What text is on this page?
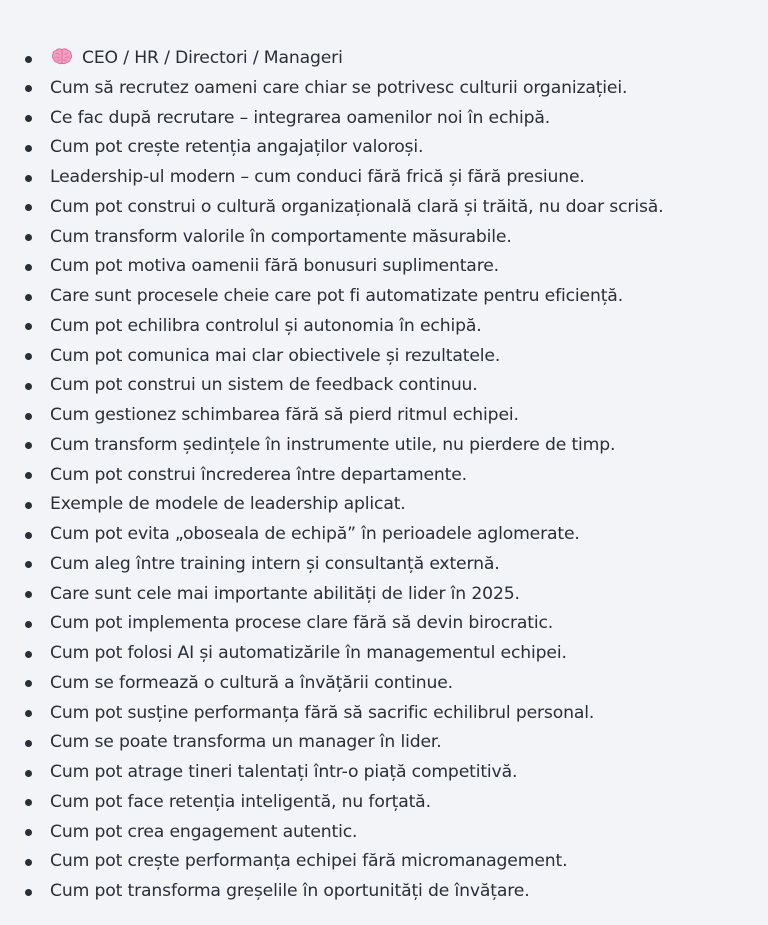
CEO / HR / Directori / Manageri
Cum să recrutez oameni care chiar se potrivesc culturii organizației.
Ce fac după recrutare – integrarea oamenilor noi în echipă.
Cum pot crește retenția angajaților valoroși.
Leadership-ul modern – cum conduci fără frică și fără presiune.
Cum pot construi o cultură organizațională clară și trăită, nu doar scrisă.
Cum transform valorile în comportamente măsurabile.
Cum pot motiva oamenii fără bonusuri suplimentare.
Care sunt procesele cheie care pot fi automatizate pentru eficiență.
Cum pot echilibra controlul și autonomia în echipă.
Cum pot comunica mai clar obiectivele și rezultatele.
Cum pot construi un sistem de feedback continuu.
Cum gestionez schimbarea fără să pierd ritmul echipei.
Cum transform ședințele în instrumente utile, nu pierdere de timp.
Cum pot construi încrederea între departamente.
Exemple de modele de leadership aplicat.
Cum pot evita „oboseala de echipă” în perioadele aglomerate.
Cum aleg între training intern și consultanță externă.
Care sunt cele mai importante abilități de lider în 2025.
Cum pot implementa procese clare fără să devin birocratic.
Cum pot folosi AI și automatizările în managementul echipei.
Cum se formează o cultură a învățării continue.
Cum pot susține performanța fără să sacrific echilibrul personal.
Cum se poate transforma un manager în lider.
Cum pot atrage tineri talentați într-o piață competitivă.
Cum pot face retenția inteligentă, nu forțată.
Cum pot crea engagement autentic.
Cum pot crește performanța echipei fără micromanagement.
Cum pot transforma greșelile în oportunități de învățare.
